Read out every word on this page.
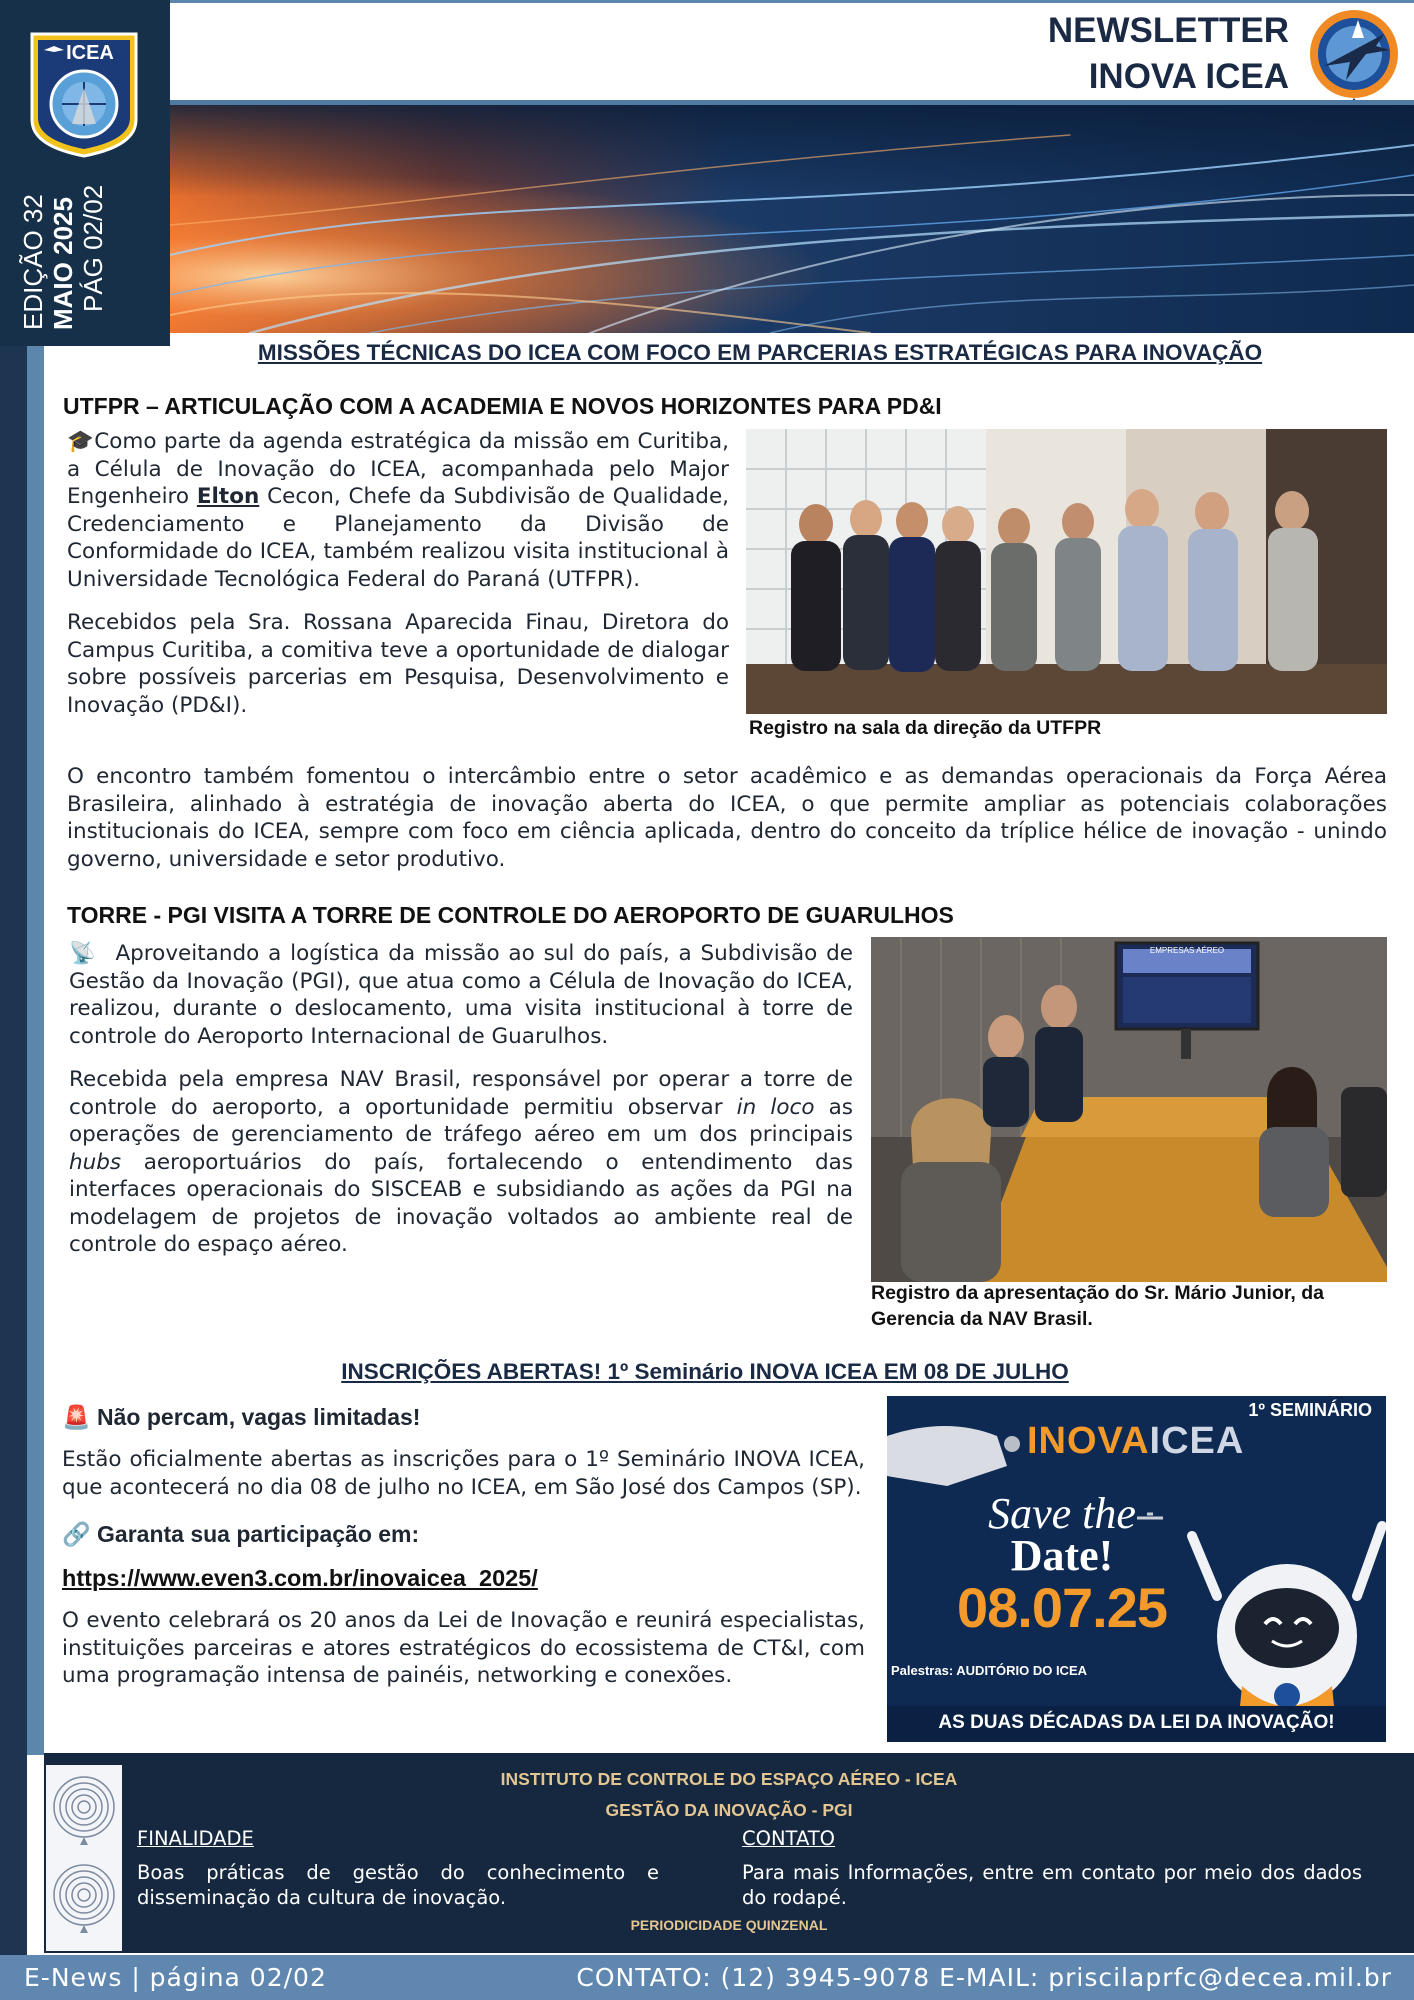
ICEA
EDIÇÃO 32 MAIO 2025 PÁG 02/02
NEWSLETTER
INOVA ICEA
MISSÕES TÉCNICAS DO ICEA COM FOCO EM PARCERIAS ESTRATÉGICAS PARA INOVAÇÃO
UTFPR – ARTICULAÇÃO COM A ACADEMIA E NOVOS HORIZONTES PARA PD&I

🎓Como parte da agenda estratégica da missão em Curitiba, a Célula de Inovação do ICEA, acompanhada pelo Major Engenheiro Elton Cecon, Chefe da Subdivisão de Qualidade, Credenciamento e Planejamento da Divisão de Conformidade do ICEA, também realizou visita institucional à Universidade Tecnológica Federal do Paraná (UTFPR).

Recebidos pela Sra. Rossana Aparecida Finau, Diretora do Campus Curitiba, a comitiva teve a oportunidade de dialogar sobre possíveis parcerias em Pesquisa, Desenvolvimento e Inovação (PD&I).

Registro na sala da direção da UTFPR

O encontro também fomentou o intercâmbio entre o setor acadêmico e as demandas operacionais da Força Aérea Brasileira, alinhado à estratégia de inovação aberta do ICEA, o que permite ampliar as potenciais colaborações institucionais do ICEA, sempre com foco em ciência aplicada, dentro do conceito da tríplice hélice de inovação - unindo governo, universidade e setor produtivo.

TORRE - PGI VISITA A TORRE DE CONTROLE DO AEROPORTO DE GUARULHOS

📡 Aproveitando a logística da missão ao sul do país, a Subdivisão de Gestão da Inovação (PGI), que atua como a Célula de Inovação do ICEA, realizou, durante o deslocamento, uma visita institucional à torre de controle do Aeroporto Internacional de Guarulhos.

Recebida pela empresa NAV Brasil, responsável por operar a torre de controle do aeroporto, a oportunidade permitiu observar in loco as operações de gerenciamento de tráfego aéreo em um dos principais hubs aeroportuários do país, fortalecendo o entendimento das interfaces operacionais do SISCEAB e subsidiando as ações da PGI na modelagem de projetos de inovação voltados ao ambiente real de controle do espaço aéreo.

EMPRESAS AÉREO
Registro da apresentação do Sr. Mário Junior, da Gerencia da NAV Brasil.
INSCRIÇÕES ABERTAS! 1º Seminário INOVA ICEA EM 08 DE JULHO
🚨 Não percam, vagas limitadas!

Estão oficialmente abertas as inscrições para o 1º Seminário INOVA ICEA, que acontecerá no dia 08 de julho no ICEA, em São José dos Campos (SP).

🔗 Garanta sua participação em:
https://www.even3.com.br/inovaicea_2025/

O evento celebrará os 20 anos da Lei de Inovação e reunirá especialistas, instituições parceiras e atores estratégicos do ecossistema de CT&I, com uma programação intensa de painéis, networking e conexões.

1º SEMINÁRIO
INOVAICEA
Save the
Date!
08.07.25
Palestras: AUDITÓRIO DO ICEA
AS DUAS DÉCADAS DA LEI DA INOVAÇÃO!
INSTITUTO DE CONTROLE DO ESPAÇO AÉREO - ICEA
GESTÃO DA INOVAÇÃO - PGI
FINALIDADE

Boas práticas de gestão do conhecimento e disseminação da cultura de inovação.

CONTATO

Para mais Informações, entre em contato por meio dos dados do rodapé.

PERIODICIDADE QUINZENAL
E-News | página 02/02	CONTATO: (12) 3945-9078 E-MAIL: priscilaprfc@decea.mil.br
